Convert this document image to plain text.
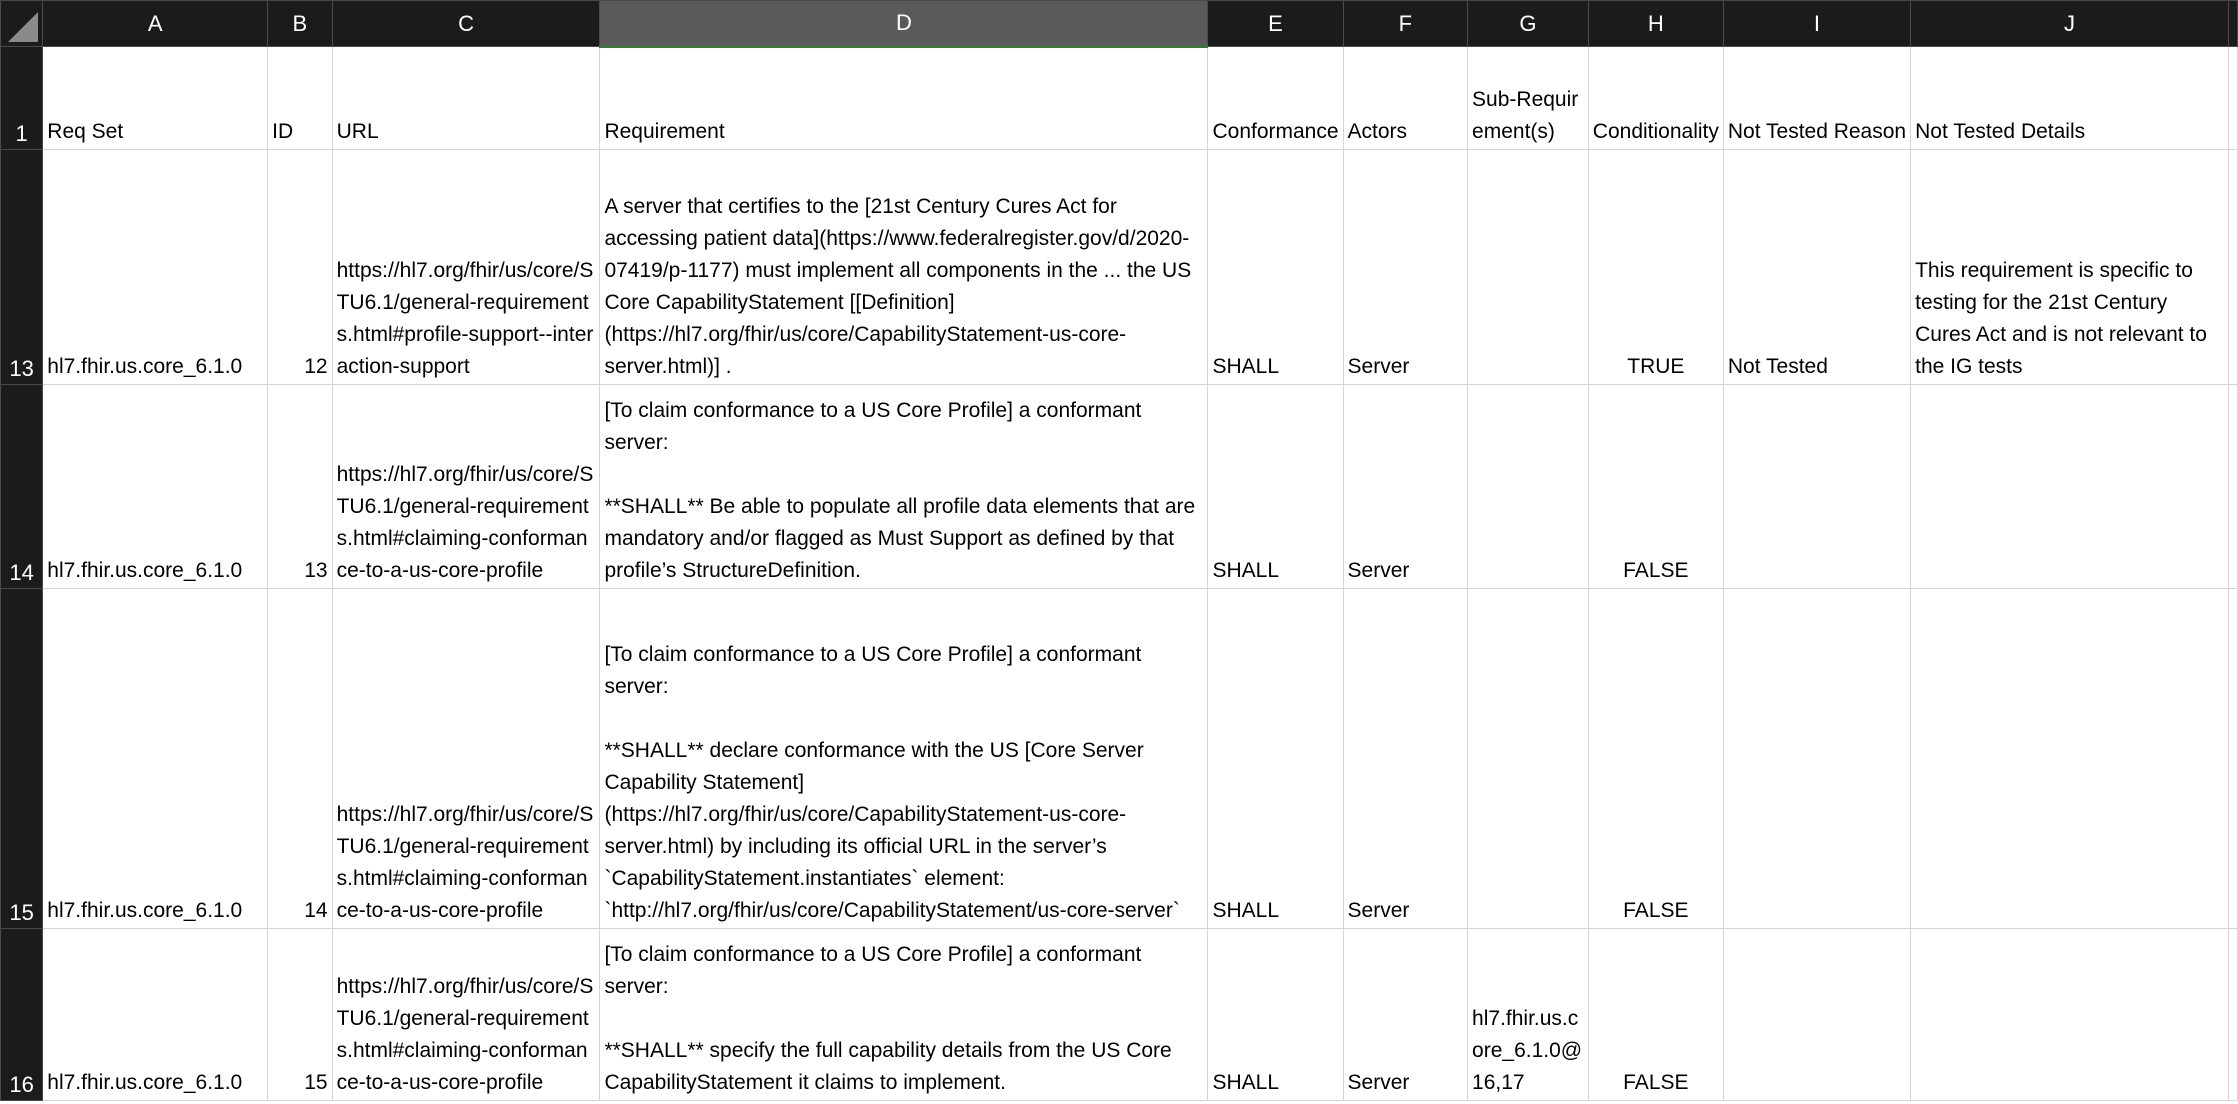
	A	B	C	D	E	F	G	H	I	J	
1	Req Set	ID	URL	Requirement	Conformance	Actors	Sub-Requirement(s)	Conditionality	Not Tested Reason	Not Tested Details	
13	hl7.fhir.us.core_6.1.0	12	https://hl7.org/fhir/us/core/STU6.1/general-requirements.html#profile-support--interaction-support	A server that certifies to the [21st Century Cures Act for accessing patient data](https://www.federalregister.gov/d/2020-07419/p-1177) must implement all components in the ... the US Core CapabilityStatement [[Definition](https://hl7.org/fhir/us/core/CapabilityStatement-us-core-server.html)] .	SHALL	Server		TRUE	Not Tested	This requirement is specific to testing for the 21st Century Cures Act and is not relevant to the IG tests	
14	hl7.fhir.us.core_6.1.0	13	https://hl7.org/fhir/us/core/STU6.1/general-requirements.html#claiming-conformance-to-a-us-core-profile	[To claim conformance to a US Core Profile] a conformant server:

**SHALL** Be able to populate all profile data elements that are mandatory and/or flagged as Must Support as defined by that profile’s StructureDefinition.	SHALL	Server		FALSE			
15	hl7.fhir.us.core_6.1.0	14	https://hl7.org/fhir/us/core/STU6.1/general-requirements.html#claiming-conformance-to-a-us-core-profile	[To claim conformance to a US Core Profile] a conformant server:

**SHALL** declare conformance with the US [Core Server Capability Statement](https://hl7.org/fhir/us/core/CapabilityStatement-us-core-server.html) by including its official URL in the server’s `CapabilityStatement.instantiates` element: `http://hl7.org/fhir/us/core/CapabilityStatement/us-core-server`	SHALL	Server		FALSE			
16	hl7.fhir.us.core_6.1.0	15	https://hl7.org/fhir/us/core/STU6.1/general-requirements.html#claiming-conformance-to-a-us-core-profile	[To claim conformance to a US Core Profile] a conformant server:

**SHALL** specify the full capability details from the US Core CapabilityStatement it claims to implement.	SHALL	Server	hl7.fhir.us.core_6.1.0@16,17	FALSE			
